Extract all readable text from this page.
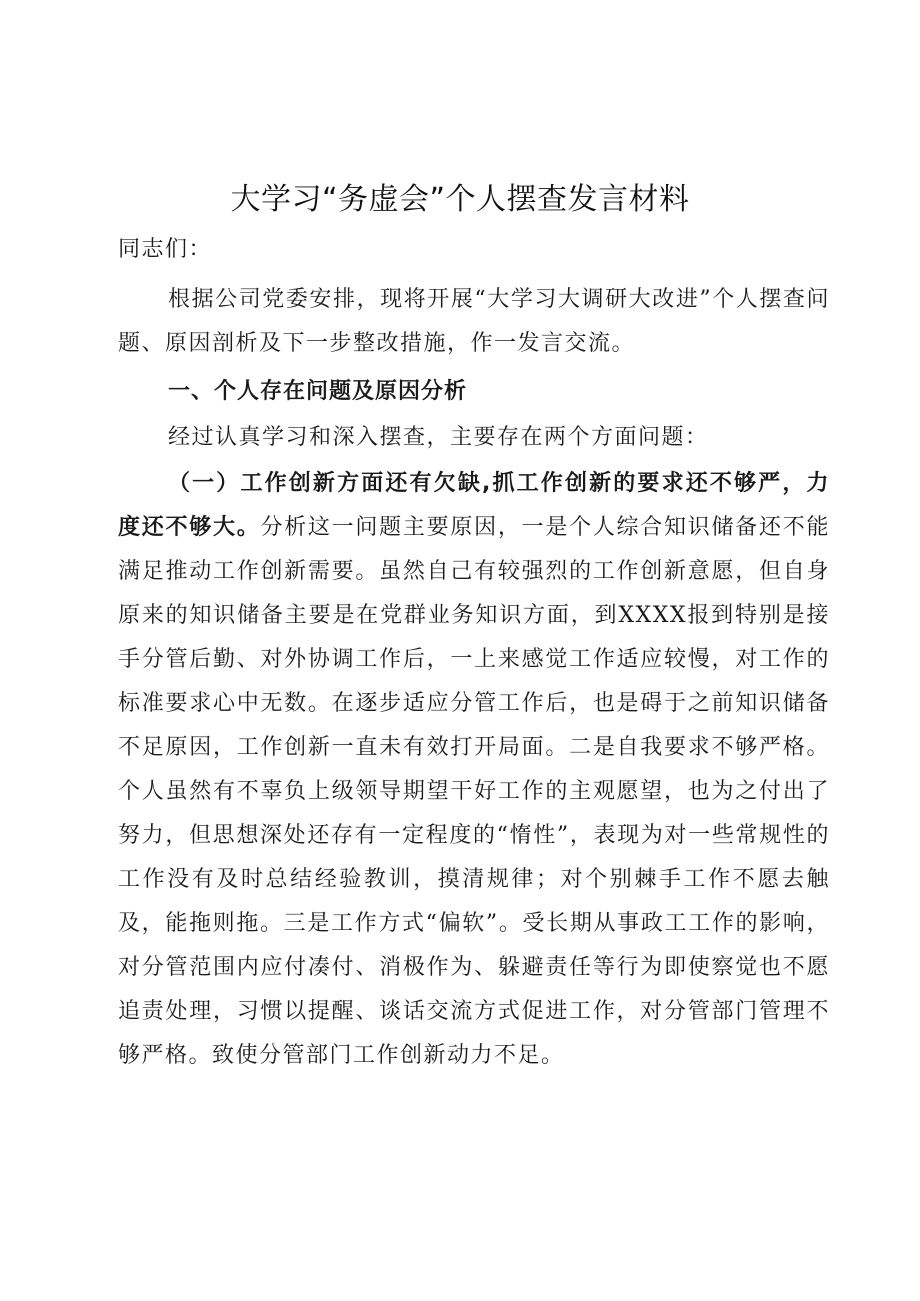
大学习“务虚会”个人摆查发言材料

同志们：

根据公司党委安排，现将开展“大学习大调研大改进”个人摆查问题、原因剖析及下一步整改措施，作一发言交流。

一、个人存在问题及原因分析

经过认真学习和深入摆查，主要存在两个方面问题：

（一）工作创新方面还有欠缺,抓工作创新的要求还不够严，力度还不够大。分析这一问题主要原因，一是个人综合知识储备还不能满足推动工作创新需要。虽然自己有较强烈的工作创新意愿，但自身原来的知识储备主要是在党群业务知识方面，到XXXX报到特别是接手分管后勤、对外协调工作后，一上来感觉工作适应较慢，对工作的标准要求心中无数。在逐步适应分管工作后，也是碍于之前知识储备不足原因，工作创新一直未有效打开局面。二是自我要求不够严格。个人虽然有不辜负上级领导期望干好工作的主观愿望，也为之付出了努力，但思想深处还存有一定程度的“惰性”，表现为对一些常规性的工作没有及时总结经验教训，摸清规律；对个别棘手工作不愿去触及，能拖则拖。三是工作方式“偏软”。受长期从事政工工作的影响，对分管范围内应付凑付、消极作为、躲避责任等行为即使察觉也不愿追责处理，习惯以提醒、谈话交流方式促进工作，对分管部门管理不够严格。致使分管部门工作创新动力不足。
